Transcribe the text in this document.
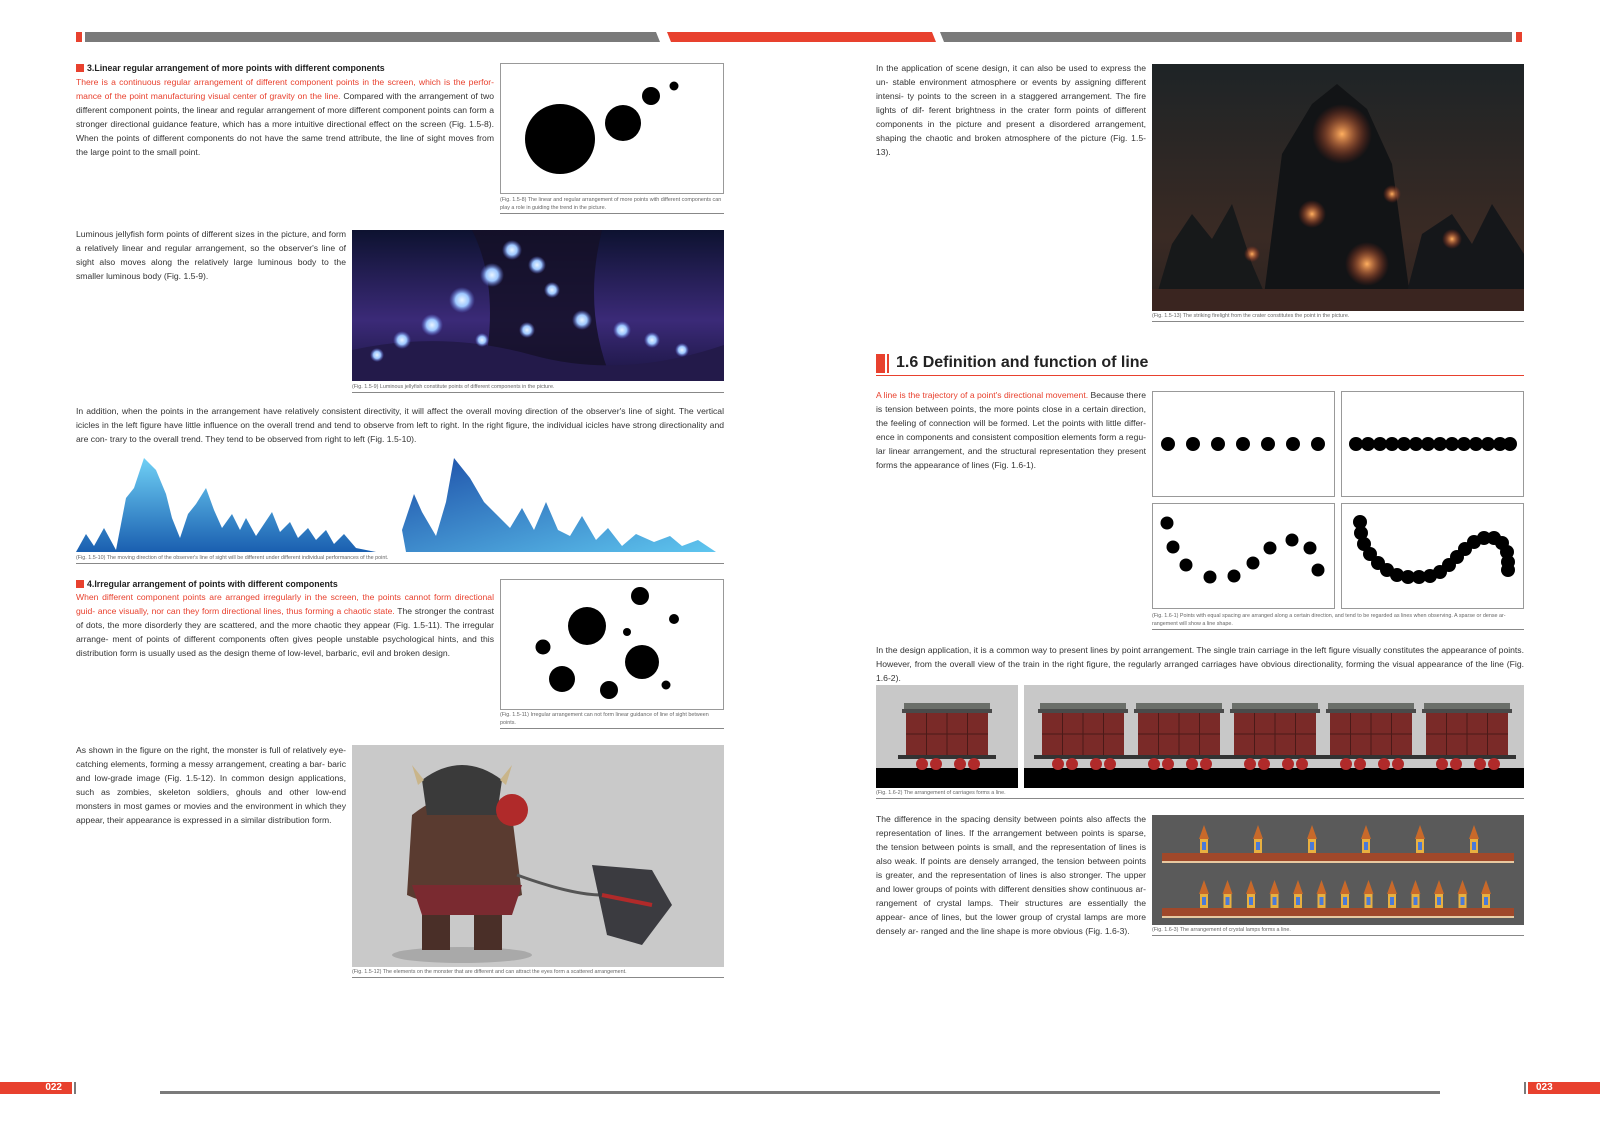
3.Linear regular arrangement of more points with different components
There is a continuous regular arrangement of different component points in the screen, which is the perfor- mance of the point manufacturing visual center of gravity on the line. Compared with the arrangement of two different component points, the linear and regular arrangement of more different component points can form a stronger directional guidance feature, which has a more intuitive directional effect on the screen (Fig. 1.5-8). When the points of different components do not have the same trend attribute, the line of sight moves from the large point to the small point.
(Fig. 1.5-8) The linear and regular arrangement of more points with different components can play a role in guiding the trend in the picture.
Luminous jellyfish form points of different sizes in the picture, and form a relatively linear and regular arrangement, so the observer's line of sight also moves along the relatively large luminous body to the smaller luminous body (Fig. 1.5-9).
(Fig. 1.5-9) Luminous jellyfish constitute points of different components in the picture.
In addition, when the points in the arrangement have relatively consistent directivity, it will affect the overall moving direction of the observer's line of sight. The vertical icicles in the left figure have little influence on the overall trend and tend to observe from left to right. In the right figure, the individual icicles have strong directionality and are con- trary to the overall trend. They tend to be observed from right to left (Fig. 1.5-10).
(Fig. 1.5-10) The moving direction of the observer's line of sight will be different under different individual performances of the point.
4.Irregular arrangement of points with different components
When different component points are arranged irregularly in the screen, the points cannot form directional guid- ance visually, nor can they form directional lines, thus forming a chaotic state. The stronger the contrast of dots, the more disorderly they are scattered, and the more chaotic they appear (Fig. 1.5-11). The irregular arrange- ment of points of different components often gives people unstable psychological hints, and this distribution form is usually used as the design theme of low-level, barbaric, evil and broken design.
(Fig. 1.5-11) Irregular arrangement can not form linear guidance of line of sight between points.
As shown in the figure on the right, the monster is full of relatively eye-catching elements, forming a messy arrangement, creating a bar- baric and low-grade image (Fig. 1.5-12). In common design applications, such as zombies, skeleton soldiers, ghouls and other low-end monsters in most games or movies and the environment in which they appear, their appearance is expressed in a similar distribution form.
(Fig. 1.5-12) The elements on the monster that are different and can attract the eyes form a scattered arrangement.
In the application of scene design, it can also be used to express the un- stable environment atmosphere or events by assigning different intensi- ty points to the screen in a staggered arrangement. The fire lights of dif- ferent brightness in the crater form points of different components in the picture and present a disordered arrangement, shaping the chaotic and broken atmosphere of the picture (Fig. 1.5-13).
(Fig. 1.5-13) The striking firelight from the crater constitutes the point in the picture.
1.6 Definition and function of line
A line is the trajectory of a point's directional movement. Because there is tension between points, the more points close in a certain direction, the feeling of connection will be formed. Let the points with little differ- ence in components and consistent composition elements form a regu- lar linear arrangement, and the structural representation they present forms the appearance of lines (Fig. 1.6-1).
(Fig. 1.6-1) Points with equal spacing are arranged along a certain direction, and tend to be regarded as lines when observing. A sparse or dense ar- rangement will show a line shape.
In the design application, it is a common way to present lines by point arrangement. The single train carriage in the left figure visually constitutes the appearance of points. However, from the overall view of the train in the right figure, the regularly arranged carriages have obvious directionality, forming the visual appearance of the line (Fig. 1.6-2).
(Fig. 1.6-2) The arrangement of carriages forms a line.
The difference in the spacing density between points also affects the representation of lines. If the arrangement between points is sparse, the tension between points is small, and the representation of lines is also weak. If points are densely arranged, the tension between points is greater, and the representation of lines is also stronger. The upper and lower groups of points with different densities show continuous ar- rangement of crystal lamps. Their structures are essentially the appear- ance of lines, but the lower group of crystal lamps are more densely ar- ranged and the line shape is more obvious (Fig. 1.6-3).	(Fig. 1.6-3) The arrangement of crystal lamps forms a line.
022	023
